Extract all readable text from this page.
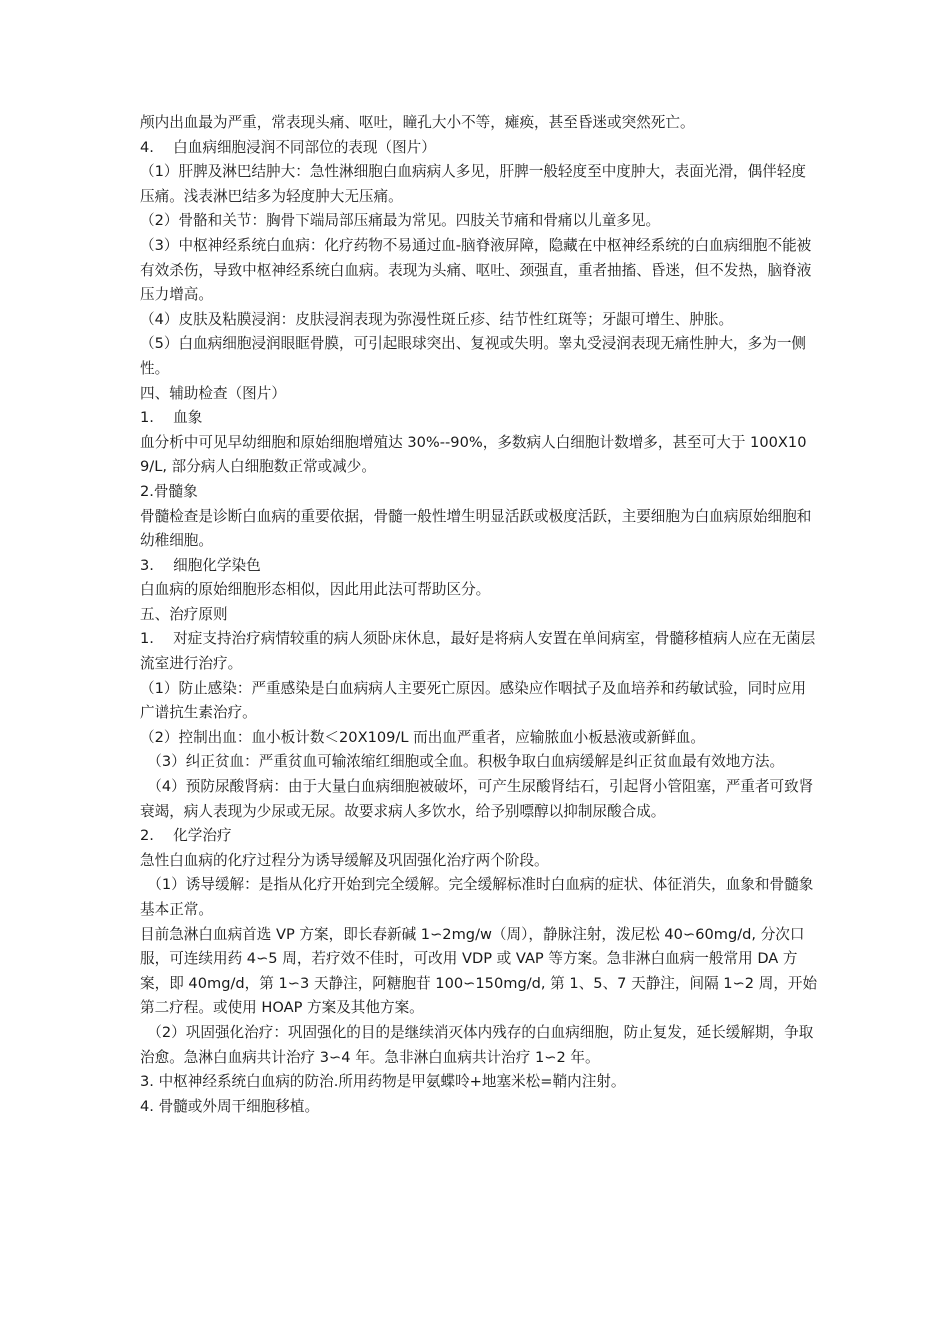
颅内出血最为严重，常表现头痛、呕吐，瞳孔大小不等，瘫痪，甚至昏迷或突然死亡。

4.　 白血病细胞浸润不同部位的表现（图片）

（1）肝脾及淋巴结肿大：急性淋细胞白血病病人多见，肝脾一般轻度至中度肿大，表面光滑，偶伴轻度压痛。浅表淋巴结多为轻度肿大无压痛。

（2）骨骼和关节：胸骨下端局部压痛最为常见。四肢关节痛和骨痛以儿童多见。

（3）中枢神经系统白血病：化疗药物不易通过血-脑脊液屏障，隐藏在中枢神经系统的白血病细胞不能被有效杀伤，导致中枢神经系统白血病。表现为头痛、呕吐、颈强直，重者抽搐、昏迷，但不发热，脑脊液压力增高。

（4）皮肤及粘膜浸润：皮肤浸润表现为弥漫性斑丘疹、结节性红斑等；牙龈可增生、肿胀。

（5）白血病细胞浸润眼眶骨膜，可引起眼球突出、复视或失明。睾丸受浸润表现无痛性肿大，多为一侧性。

四、辅助检查（图片）

1.　 血象

血分析中可见早幼细胞和原始细胞增殖达 30%--90%，多数病人白细胞计数增多，甚至可大于 100X109/L, 部分病人白细胞数正常或减少。

2.骨髓象

骨髓检查是诊断白血病的重要依据，骨髓一般性增生明显活跃或极度活跃，主要细胞为白血病原始细胞和幼稚细胞。

3.　 细胞化学染色

白血病的原始细胞形态相似，因此用此法可帮助区分。

五、治疗原则

1.　 对症支持治疗病情较重的病人须卧床休息，最好是将病人安置在单间病室，骨髓移植病人应在无菌层流室进行治疗。

（1）防止感染：严重感染是白血病病人主要死亡原因。感染应作咽拭子及血培养和药敏试验，同时应用广谱抗生素治疗。

（2）控制出血：血小板计数＜20X109/L 而出血严重者，应输脓血小板悬液或新鲜血。

　（3）纠正贫血：严重贫血可输浓缩红细胞或全血。积极争取白血病缓解是纠正贫血最有效地方法。

　（4）预防尿酸肾病：由于大量白血病细胞被破坏，可产生尿酸肾结石，引起肾小管阻塞，严重者可致肾衰竭，病人表现为少尿或无尿。故要求病人多饮水，给予别嘌醇以抑制尿酸合成。

2.　 化学治疗

急性白血病的化疗过程分为诱导缓解及巩固强化治疗两个阶段。

　（1）诱导缓解：是指从化疗开始到完全缓解。完全缓解标准时白血病的症状、体征消失，血象和骨髓象基本正常。

目前急淋白血病首选 VP 方案，即长春新碱 1∽2mg/w（周），静脉注射，泼尼松 40∽60mg/d, 分次口服，可连续用药 4∽5 周，若疗效不佳时，可改用 VDP 或 VAP 等方案。急非淋白血病一般常用 DA 方案，即 40mg/d，第 1∽3 天静注，阿糖胞苷 100∽150mg/d, 第 1、5、7 天静注，间隔 1∽2 周，开始第二疗程。或使用 HOAP 方案及其他方案。

　（2）巩固强化治疗：巩固强化的目的是继续消灭体内残存的白血病细胞，防止复发，延长缓解期，争取治愈。急淋白血病共计治疗 3∽4 年。急非淋白血病共计治疗 1∽2 年。

3. 中枢神经系统白血病的防治.所用药物是甲氨蝶呤+地塞米松=鞘内注射。

4. 骨髓或外周干细胞移植。
